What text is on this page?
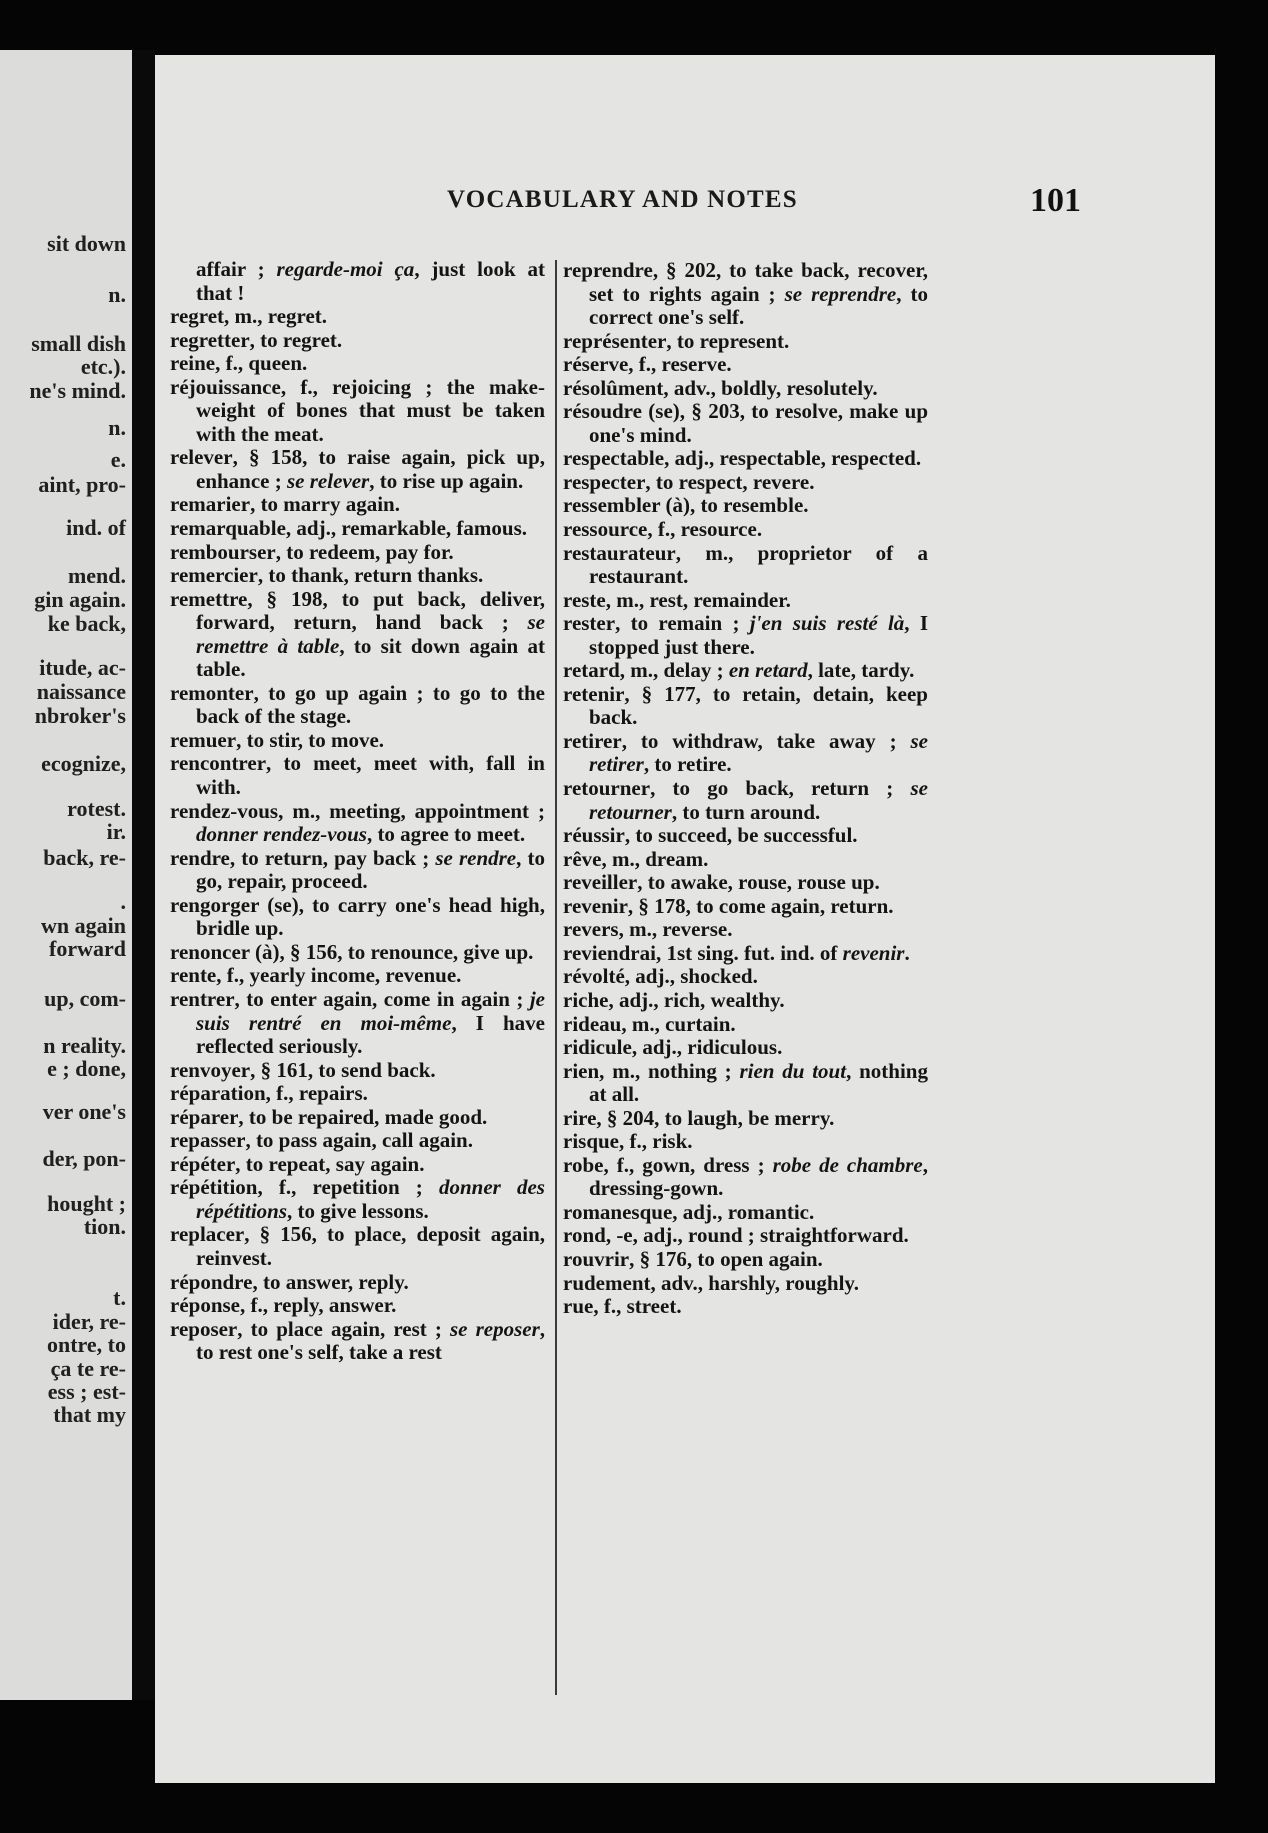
sit down
n.
small dish
etc.).
ne's mind.
n.
e.
aint, pro-
ind. of
mend.
gin again.
ke back,
itude, ac-
naissance
nbroker's
ecognize,
rotest.
ir.
back, re-
.
wn again
forward
up, com-
n reality.
e ; done,
ver one's
der, pon-
hought ;
tion.
t.
ider, re-
ontre, to
ça te re-
ess ; est-
that my
VOCABULARY AND NOTES	101

affair ; regarde-moi ça, just look at that !

regret, m., regret.

regretter, to regret.

reine, f., queen.

réjouissance, f., rejoicing ; the make-weight of bones that must be taken with the meat.

relever, § 158, to raise again, pick up, enhance ; se relever, to rise up again.

remarier, to marry again.

remarquable, adj., remarkable, famous.

rembourser, to redeem, pay for.

remercier, to thank, return thanks.

remettre, § 198, to put back, deliver, forward, return, hand back ; se remettre à table, to sit down again at table.

remonter, to go up again ; to go to the back of the stage.

remuer, to stir, to move.

rencontrer, to meet, meet with, fall in with.

rendez-vous, m., meeting, appointment ; donner rendez-vous, to agree to meet.

rendre, to return, pay back ; se rendre, to go, repair, proceed.

rengorger (se), to carry one's head high, bridle up.

renoncer (à), § 156, to renounce, give up.

rente, f., yearly income, revenue.

rentrer, to enter again, come in again ; je suis rentré en moi-même, I have reflected seriously.

renvoyer, § 161, to send back.

réparation, f., repairs.

réparer, to be repaired, made good.

repasser, to pass again, call again.

répéter, to repeat, say again.

répétition, f., repetition ; donner des répétitions, to give lessons.

replacer, § 156, to place, deposit again, reinvest.

répondre, to answer, reply.

réponse, f., reply, answer.

reposer, to place again, rest ; se reposer, to rest one's self, take a rest

reprendre, § 202, to take back, recover, set to rights again ; se reprendre, to correct one's self.

représenter, to represent.

réserve, f., reserve.

résolûment, adv., boldly, resolutely.

résoudre (se), § 203, to resolve, make up one's mind.

respectable, adj., respectable, respected.

respecter, to respect, revere.

ressembler (à), to resemble.

ressource, f., resource.

restaurateur, m., proprietor of a restaurant.

reste, m., rest, remainder.

rester, to remain ; j'en suis resté là, I stopped just there.

retard, m., delay ; en retard, late, tardy.

retenir, § 177, to retain, detain, keep back.

retirer, to withdraw, take away ; se retirer, to retire.

retourner, to go back, return ; se retourner, to turn around.

réussir, to succeed, be successful.

rêve, m., dream.

reveiller, to awake, rouse, rouse up.

revenir, § 178, to come again, return.

revers, m., reverse.

reviendrai, 1st sing. fut. ind. of revenir.

révolté, adj., shocked.

riche, adj., rich, wealthy.

rideau, m., curtain.

ridicule, adj., ridiculous.

rien, m., nothing ; rien du tout, nothing at all.

rire, § 204, to laugh, be merry.

risque, f., risk.

robe, f., gown, dress ; robe de chambre, dressing-gown.

romanesque, adj., romantic.

rond, -e, adj., round ; straightforward.

rouvrir, § 176, to open again.

rudement, adv., harshly, roughly.

rue, f., street.
